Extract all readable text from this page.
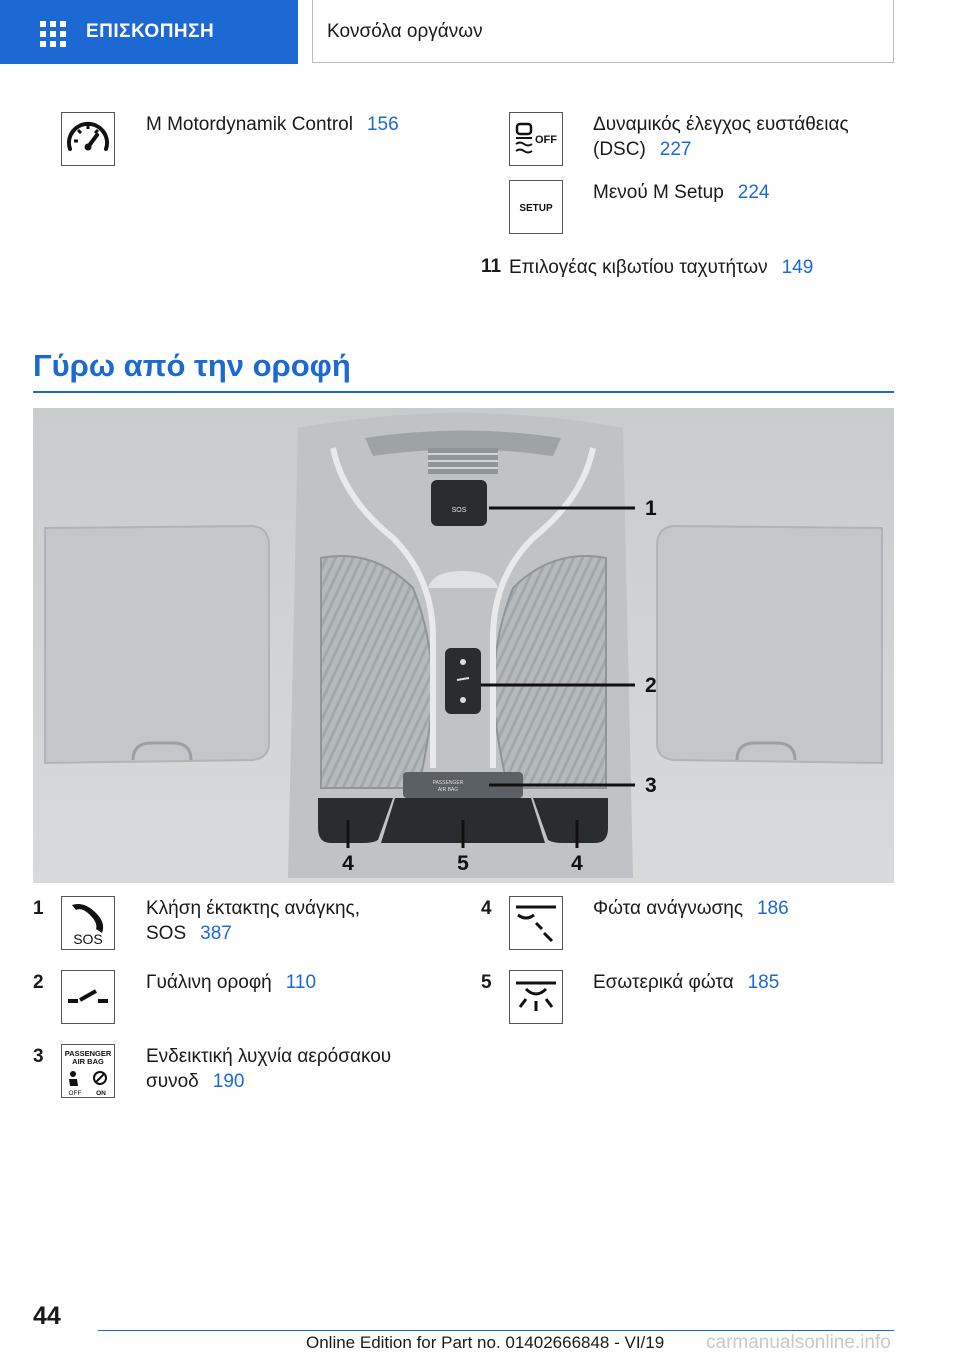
ΕΠΙΣΚΟΠΗΣΗ	Κονσόλα οργάνων
M Motordynamik Control 156
OFF
Δυναμικός έλεγχος ευστάθειας
(DSC) 227
SETUP
Μενού M Setup 224
11 Επιλογέας κιβωτίου ταχυτήτων 149
Γύρω από την οροφή
SOS
PASSENGER
AIR BAG
1
2
3
4	5	4
1
SOS
Κλήση έκτακτης ανάγκης,
SOS 387
2	Γυάλινη οροφή 110
3	PASSENGER
AIR BAG
OFF ON
Ενδεικτική λυχνία αερόσακου
συνοδ 190
4	Φώτα ανάγνωσης 186
5	Εσωτερικά φώτα 185
44
Online Edition for Part no. 01402666848 - VI/19 carmanualsonline.info
